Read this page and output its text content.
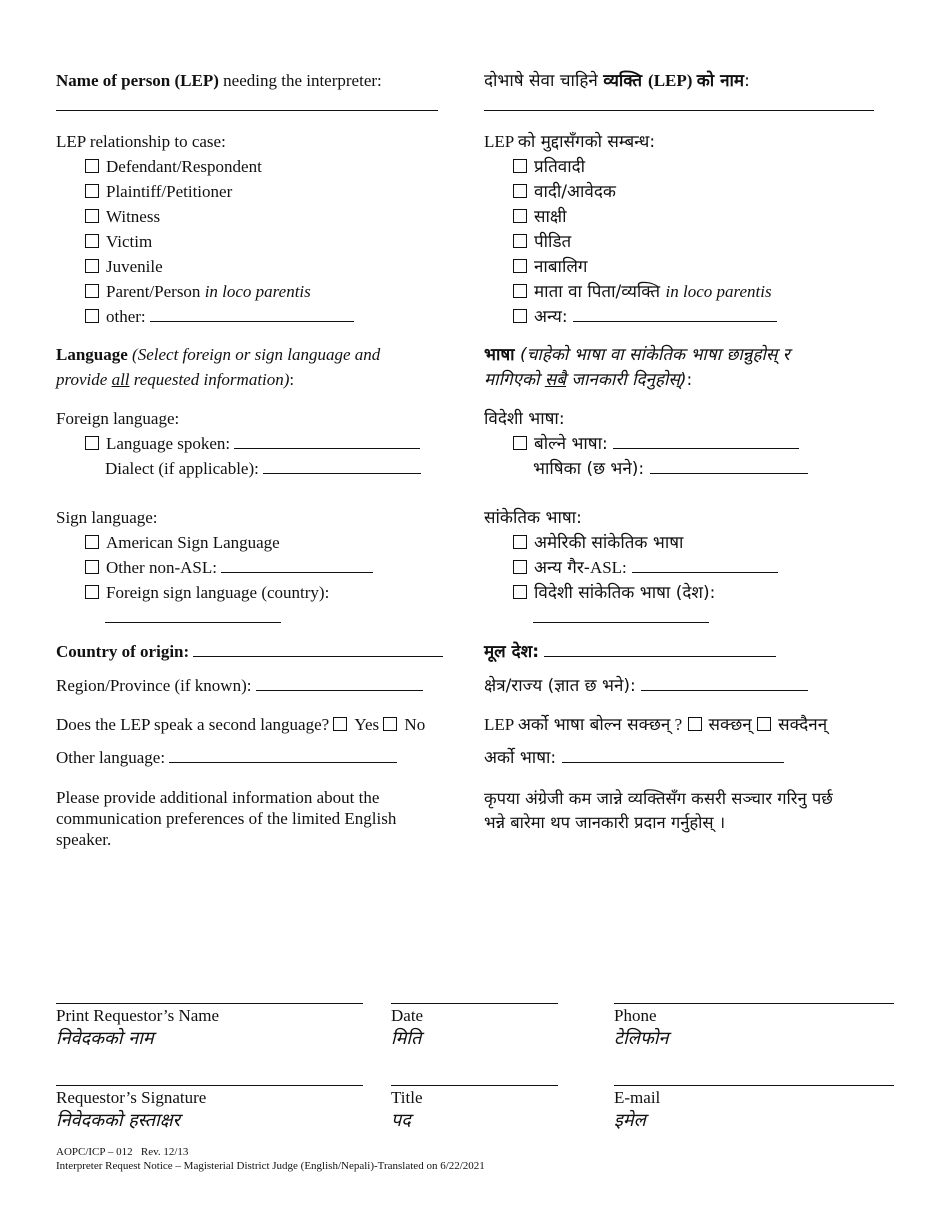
Name of person (LEP) needing the interpreter:
LEP relationship to case:
Defendant/Respondent
Plaintiff/Petitioner
Witness
Victim
Juvenile
Parent/Person in loco parentis
other:
Language (Select foreign or sign language and
provide all requested information):
Foreign language:
Language spoken:
Dialect (if applicable):
Sign language:
American Sign Language
Other non-ASL:
Foreign sign language (country):
Country of origin:
Region/Province (if known):
Does the LEP speak a second language? Yes No
Other language:
Please provide additional information about the
communication preferences of the limited English
speaker.
दोभाषे सेवा चाहिने व्यक्ति (LEP) को नाम:
LEP को मुद्दासँगको सम्बन्ध:
प्रतिवादी
वादी/आवेदक
साक्षी
पीडित
नाबालिग
माता वा पिता/व्यक्ति in loco parentis
अन्य:
भाषा (चाहेको भाषा वा सांकेतिक भाषा छान्नुहोस् र
मागिएको सबै जानकारी दिनुहोस्):
विदेशी भाषा:
बोल्ने भाषा:
भाषिका (छ भने):
सांकेतिक भाषा:
अमेरिकी सांकेतिक भाषा
अन्य गैर-ASL:
विदेशी सांकेतिक भाषा (देश):
मूल देश:
क्षेत्र/राज्य (ज्ञात छ भने):
LEP अर्को भाषा बोल्न सक्छन् ? सक्छन् सक्दैनन्
अर्को भाषा:
कृपया अंग्रेजी कम जान्ने व्यक्तिसँग कसरी सञ्चार गरिनु पर्छ
भन्ने बारेमा थप जानकारी प्रदान गर्नुहोस् ।
Print Requestor’s Name
निवेदकको नाम
Date
मिति
Phone
टेलिफोन
Requestor’s Signature
निवेदकको हस्ताक्षर
Title
पद
E-mail
इमेल
AOPC/ICP – 012   Rev. 12/13
Interpreter Request Notice – Magisterial District Judge (English/Nepali)-Translated on 6/22/2021
